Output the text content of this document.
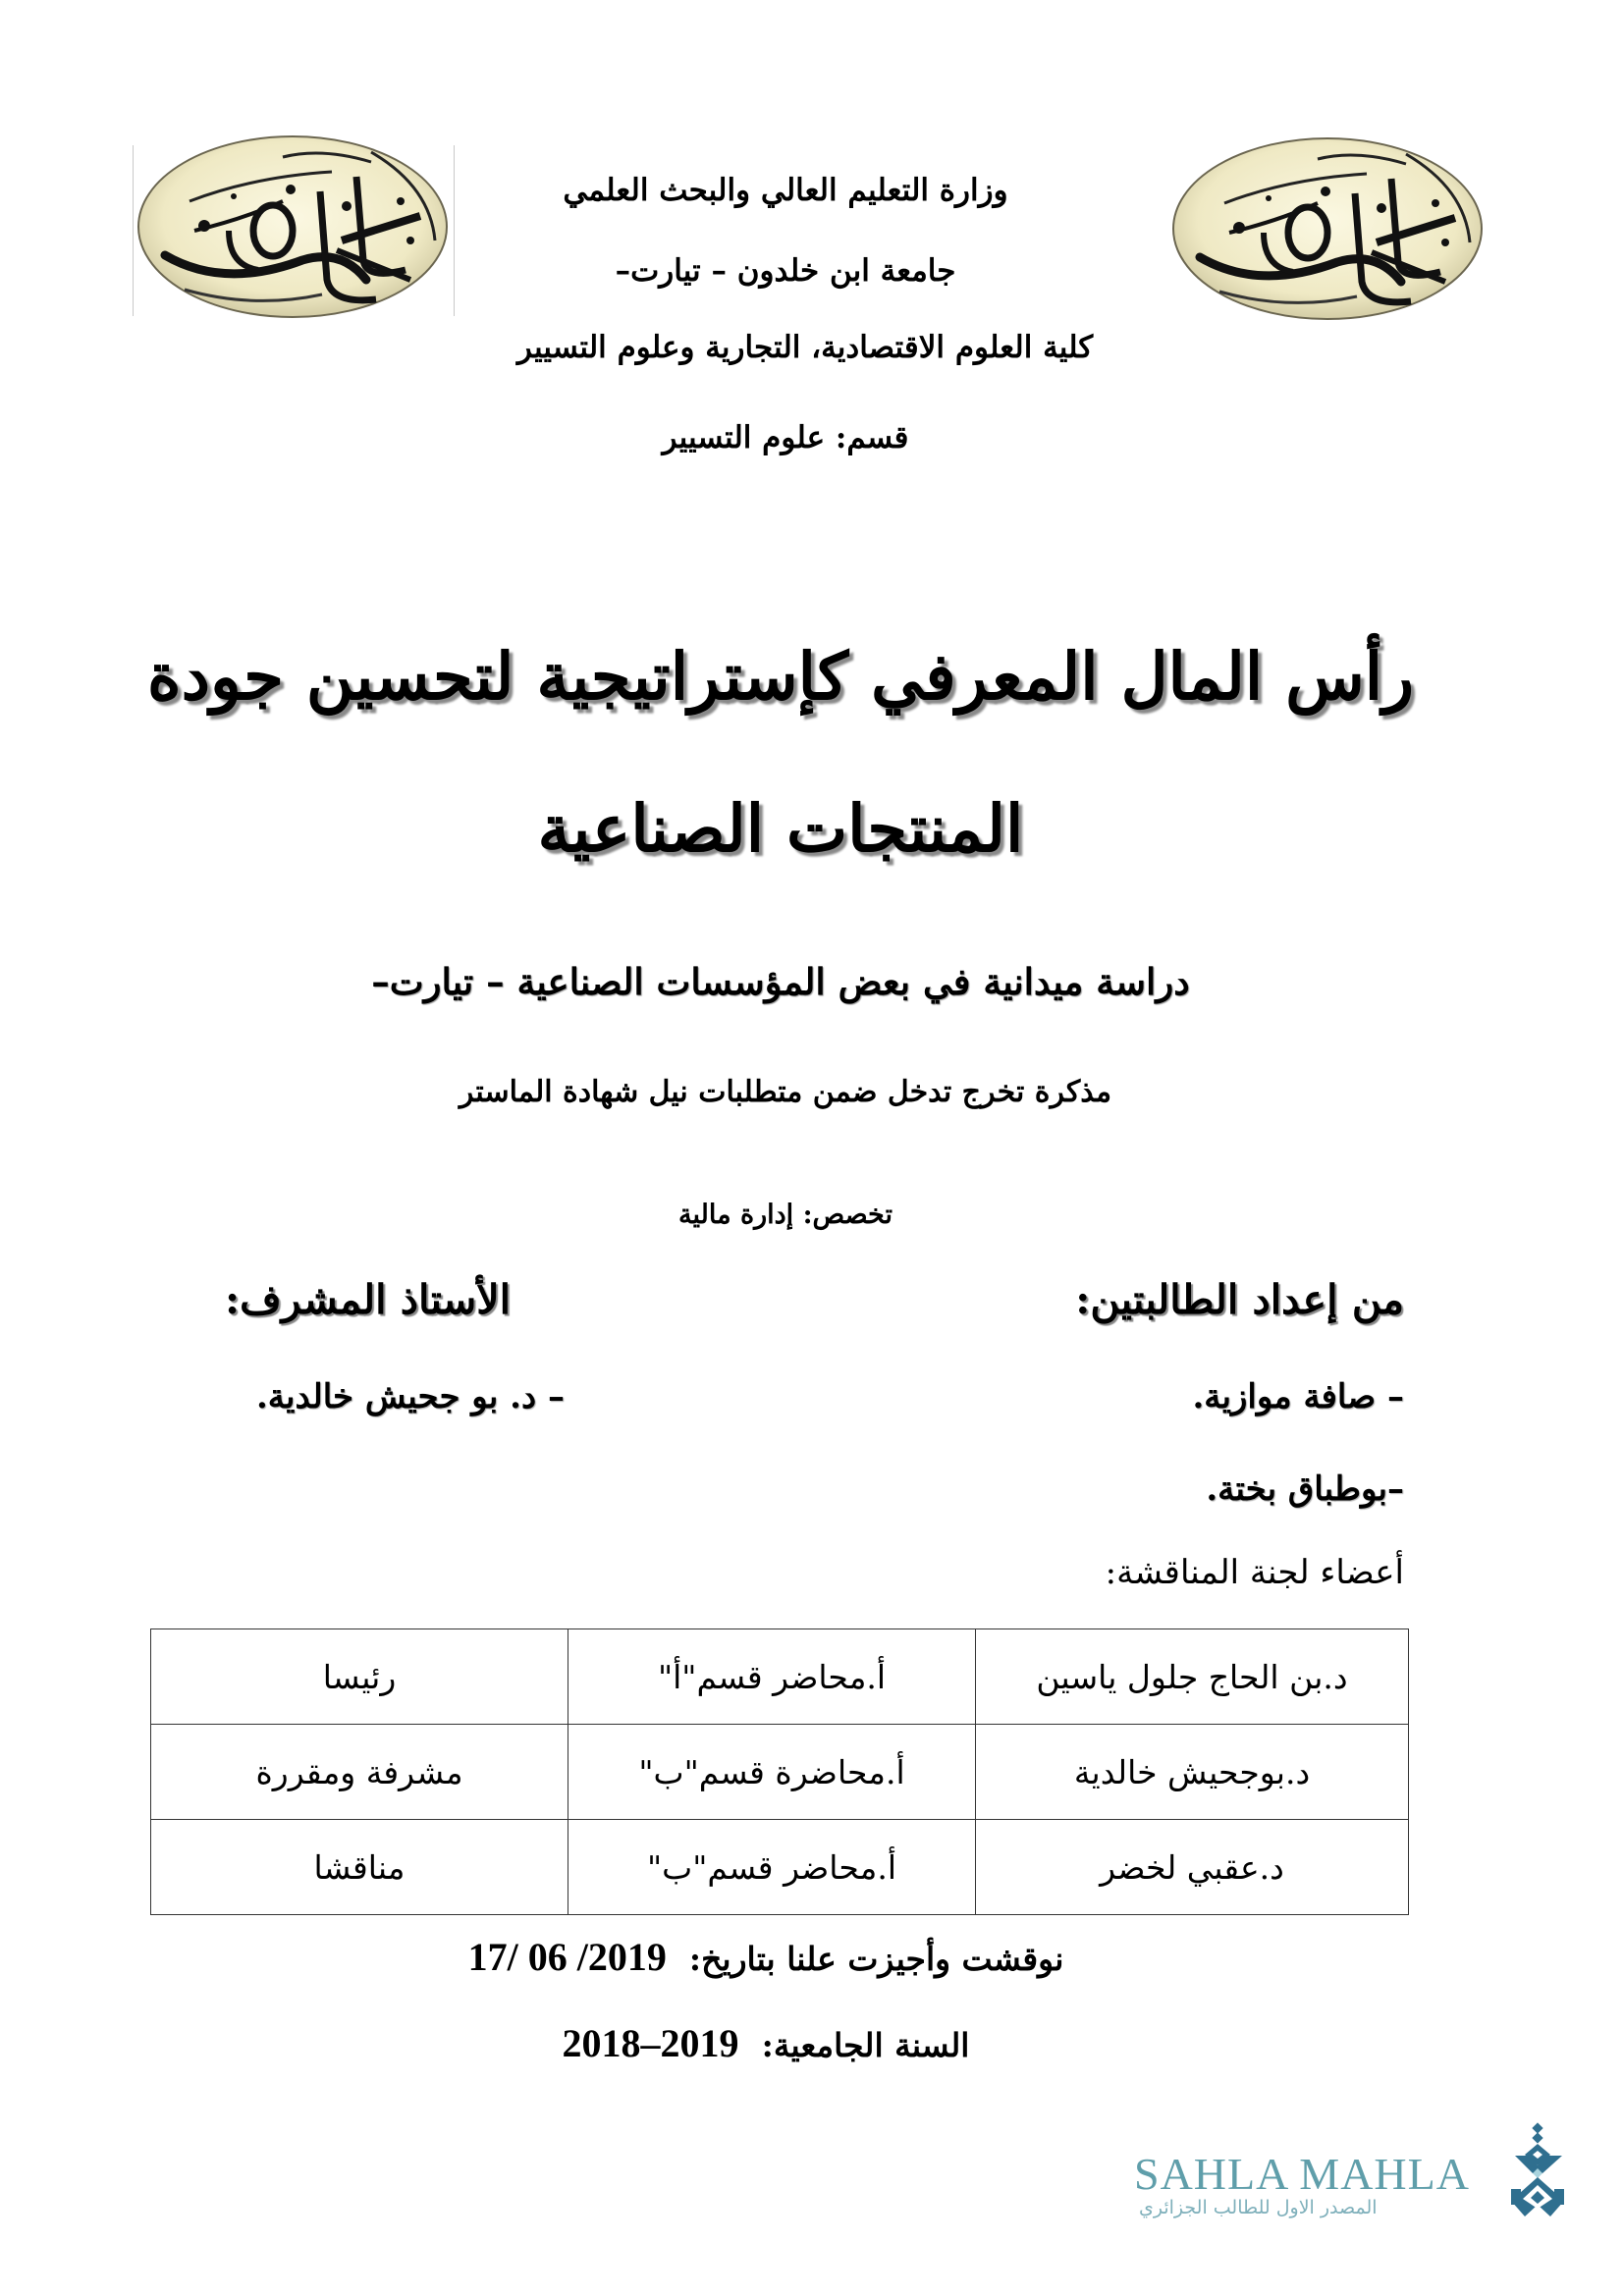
وزارة التعليم العالي والبحث العلمي
جامعة ابن خلدون – تيارت–
كلية العلوم الاقتصادية، التجارية وعلوم التسيير
قسم: علوم التسيير
رأس المال المعرفي كإستراتيجية لتحسين جودة
المنتجات الصناعية
دراسة ميدانية في بعض المؤسسات الصناعية – تيارت–
مذكرة تخرج تدخل ضمن متطلبات نيل شهادة الماستر
تخصص: إدارة مالية
من إعداد الطالبتين:
الأستاذ المشرف:
– صافة موازية.
– د. بو جحيش خالدية.
–بوطباق بختة.
أعضاء لجنة المناقشة:
د.بن الحاج جلول ياسين	أ.محاضر قسم"أ"	رئيسا
د.بوجحيش خالدية	أ.محاضرة قسم"ب"	مشرفة ومقررة
د.عقبي لخضر	أ.محاضر قسم"ب"	مناقشا
نوقشت وأجيزت علنا بتاريخ: 17/ 06 /2019
السنة الجامعية: 2018–2019
SAHLA MAHLA
المصدر الاول للطالب الجزائري
